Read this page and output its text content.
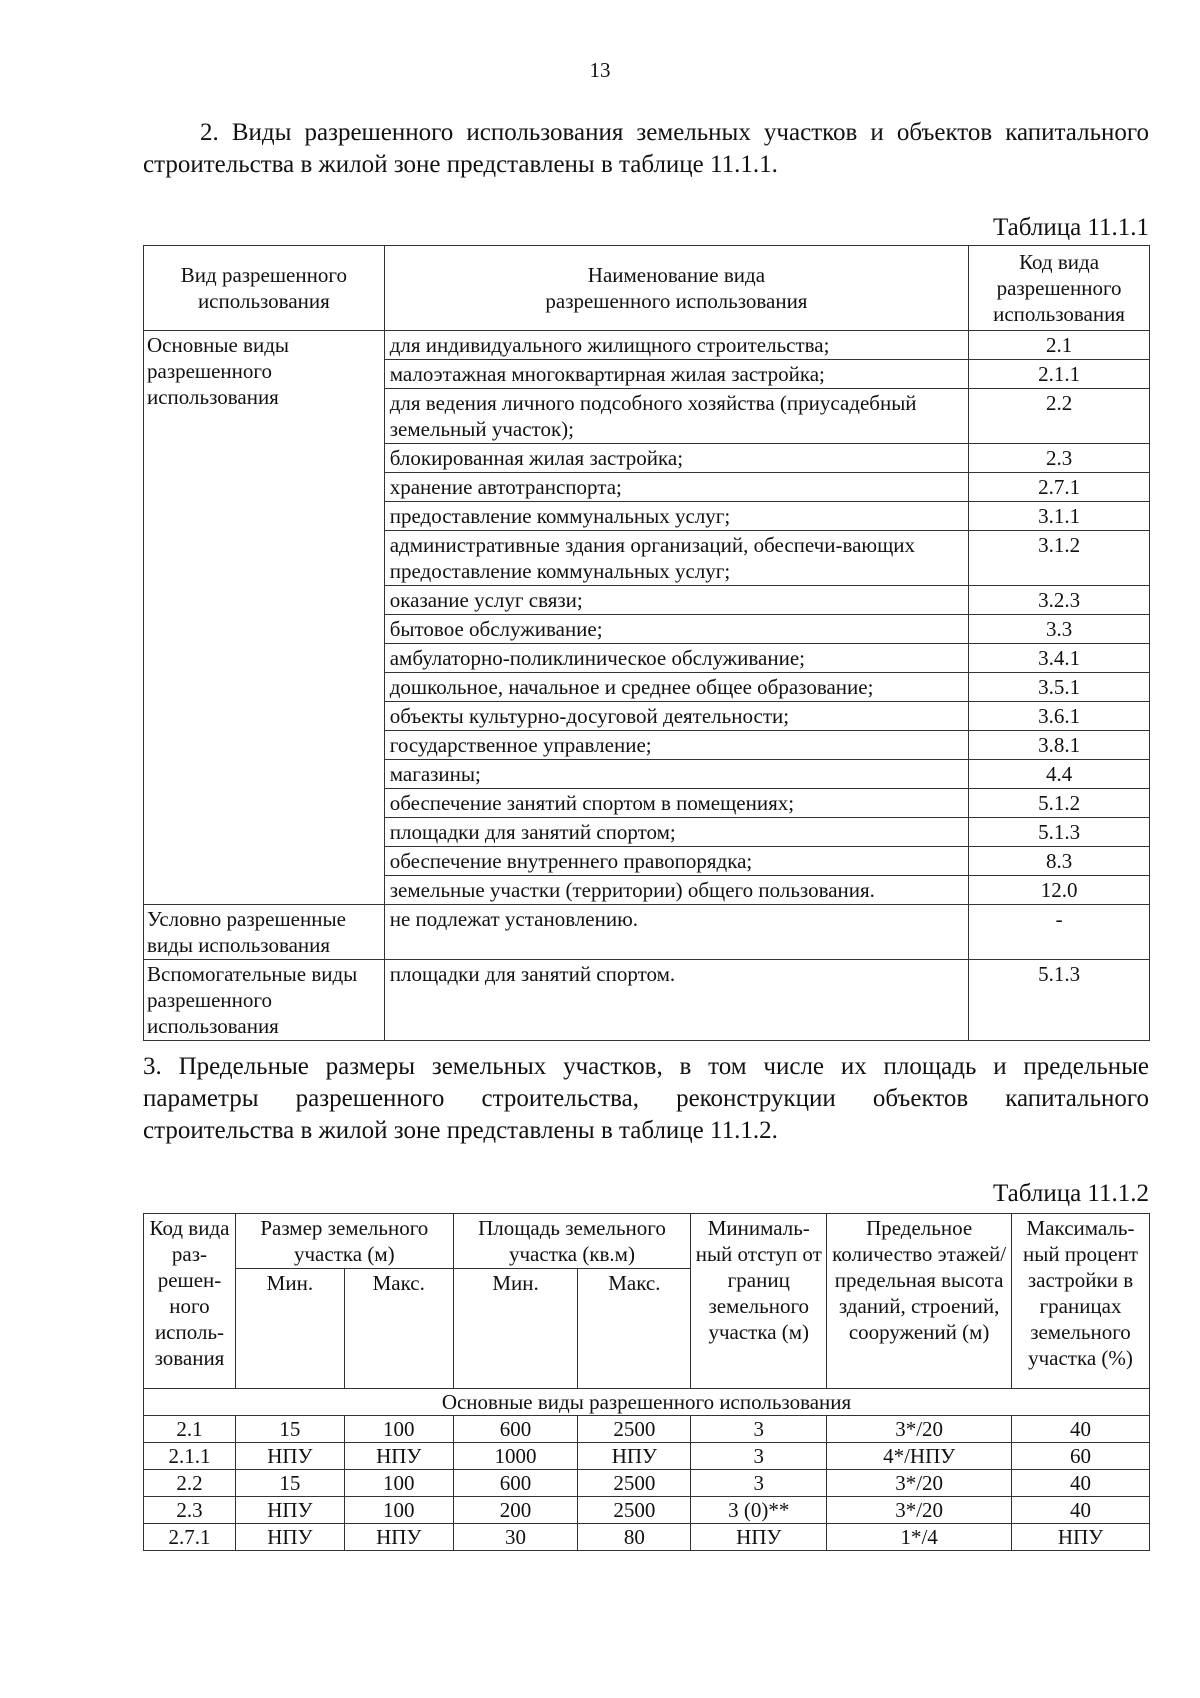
13

2. Виды разрешенного использования земельных участков и объектов капитального строительства в жилой зоне представлены в таблице 11.1.1.

Таблица 11.1.1
Вид разрешенного использования	Наименование вида разрешенного использования	Код вида разрешенного использования
Основные виды разрешенного использования	для индивидуального жилищного строительства;	2.1
	малоэтажная многоквартирная жилая застройка;	2.1.1
	для ведения личного подсобного хозяйства (приусадебный земельный участок);	2.2
	блокированная жилая застройка;	2.3
	хранение автотранспорта;	2.7.1
	предоставление коммунальных услуг;	3.1.1
	административные здания организаций, обеспечи-вающих предоставление коммунальных услуг;	3.1.2
	оказание услуг связи;	3.2.3
	бытовое обслуживание;	3.3
	амбулаторно-поликлиническое обслуживание;	3.4.1
	дошкольное, начальное и среднее общее образование;	3.5.1
	объекты культурно-досуговой деятельности;	3.6.1
	государственное управление;	3.8.1
	магазины;	4.4
	обеспечение занятий спортом в помещениях;	5.1.2
	площадки для занятий спортом;	5.1.3
	обеспечение внутреннего правопорядка;	8.3
	земельные участки (территории) общего пользования.	12.0
Условно разрешенные виды использования	не подлежат установлению.	-
Вспомогательные виды разрешенного использования	площадки для занятий спортом.	5.1.3

3. Предельные размеры земельных участков, в том числе их площадь и предельные параметры разрешенного строительства, реконструкции объектов капитального строительства в жилой зоне представлены в таблице 11.1.2.

Таблица 11.1.2
Код вида раз-решен-ного исполь-зования	Размер земельного участка (м)		Площадь земельного участка (кв.м)		Минималь-ный отступ от границ земельного участка (м)	Предельное количество этажей/ предельная высота зданий, строений, сооружений (м)	Максималь-ный процент застройки в границах земельного участка (%)
	Мин.	Макс.	Мин.	Макс.			
Основные виды разрешенного использования							
2.1	15	100	600	2500	3	3*/20	40
2.1.1	НПУ	НПУ	1000	НПУ	3	4*/НПУ	60
2.2	15	100	600	2500	3	3*/20	40
2.3	НПУ	100	200	2500	3 (0)**	3*/20	40
2.7.1	НПУ	НПУ	30	80	НПУ	1*/4	НПУ
